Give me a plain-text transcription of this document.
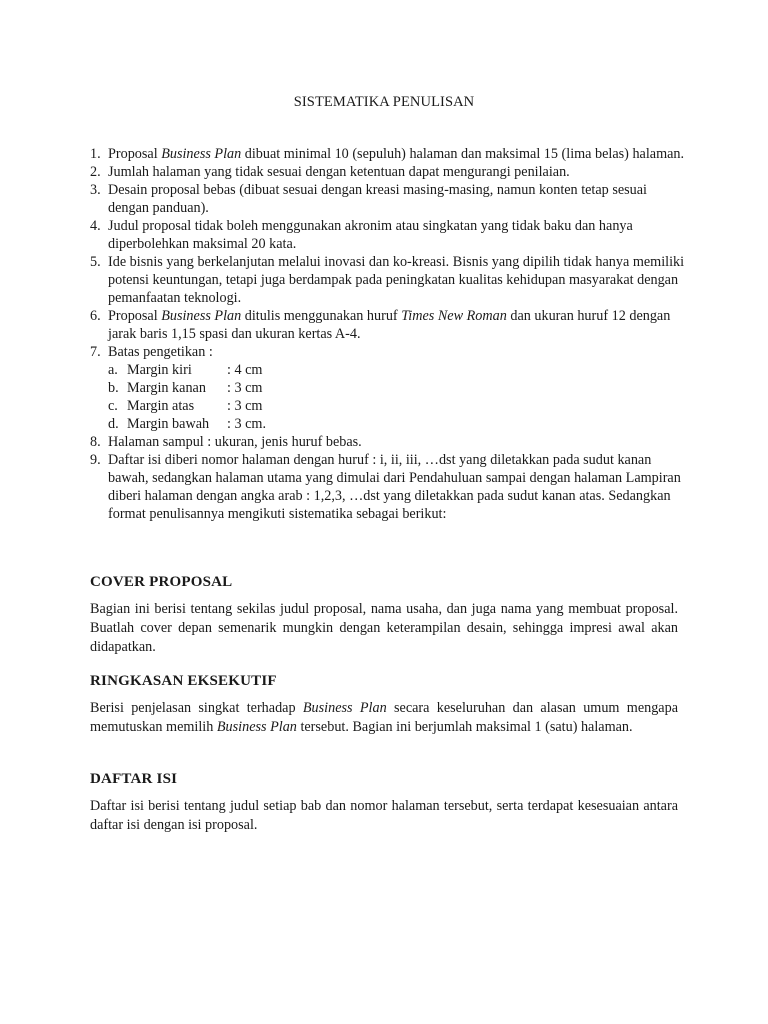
SISTEMATIKA PENULISAN
1. Proposal Business Plan dibuat minimal 10 (sepuluh) halaman dan maksimal 15 (lima belas) halaman.
2. Jumlah halaman yang tidak sesuai dengan ketentuan dapat mengurangi penilaian.
3. Desain proposal bebas (dibuat sesuai dengan kreasi masing-masing, namun konten tetap sesuai dengan panduan).
4. Judul proposal tidak boleh menggunakan akronim atau singkatan yang tidak baku dan hanya diperbolehkan maksimal 20 kata.
5. Ide bisnis yang berkelanjutan melalui inovasi dan ko-kreasi. Bisnis yang dipilih tidak hanya memiliki potensi keuntungan, tetapi juga berdampak pada peningkatan kualitas kehidupan masyarakat dengan pemanfaatan teknologi.
6. Proposal Business Plan ditulis menggunakan huruf Times New Roman dan ukuran huruf 12 dengan jarak baris 1,15 spasi dan ukuran kertas A-4.
7. Batas pengetikan :
a. Margin kiri	: 4 cm
b. Margin kanan	: 3 cm
c. Margin atas	: 3 cm
d. Margin bawah	: 3 cm.
8. Halaman sampul : ukuran, jenis huruf bebas.
9. Daftar isi diberi nomor halaman dengan huruf : i, ii, iii, …dst yang diletakkan pada sudut kanan bawah, sedangkan halaman utama yang dimulai dari Pendahuluan sampai dengan halaman Lampiran diberi halaman dengan angka arab : 1,2,3, …dst yang diletakkan pada sudut kanan atas. Sedangkan format penulisannya mengikuti sistematika sebagai berikut:
COVER PROPOSAL

Bagian ini berisi tentang sekilas judul proposal, nama usaha, dan juga nama yang membuat proposal. Buatlah cover depan semenarik mungkin dengan keterampilan desain, sehingga impresi awal akan didapatkan.

RINGKASAN EKSEKUTIF

Berisi penjelasan singkat terhadap Business Plan secara keseluruhan dan alasan umum mengapa memutuskan memilih Business Plan tersebut. Bagian ini berjumlah maksimal 1 (satu) halaman.

DAFTAR ISI

Daftar isi berisi tentang judul setiap bab dan nomor halaman tersebut, serta terdapat kesesuaian antara daftar isi dengan isi proposal.
